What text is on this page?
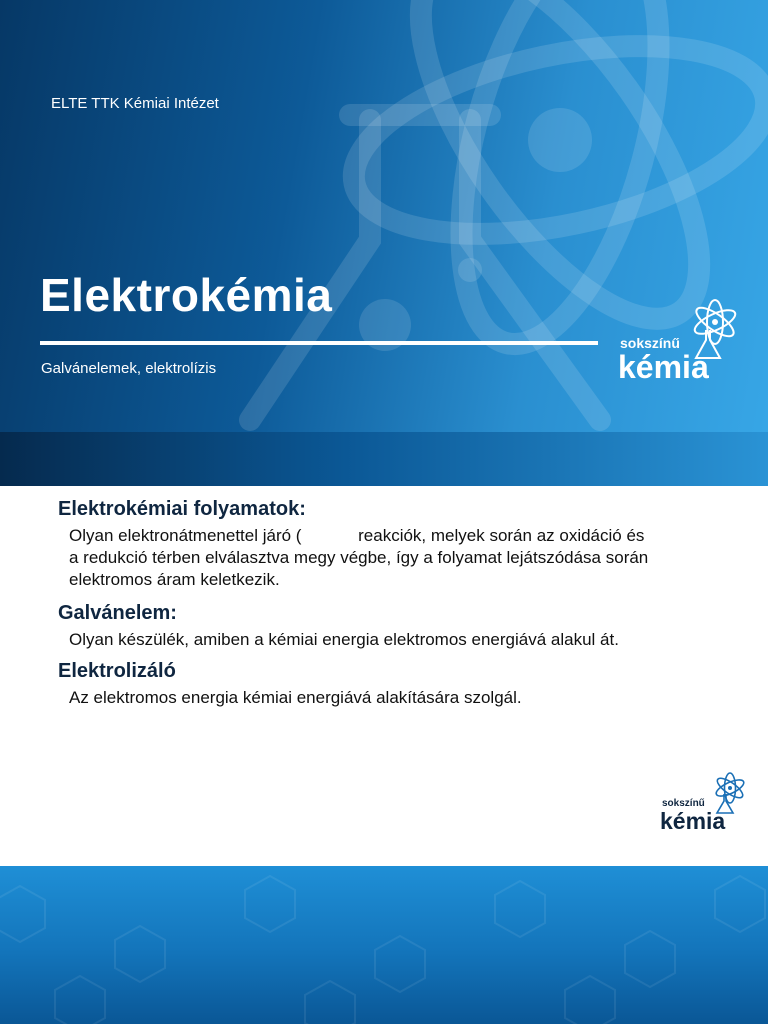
ELTE TTK Kémiai Intézet
Elektrokémia
Galvánelemek, elektrolízis
sokszínű
kémia
Elektrokémiai folyamatok:
Olyan elektronátmenettel járó (            reakciók, melyek során az oxidáció és
a redukció térben elválasztva megy végbe, így a folyamat lejátszódása során
elektromos áram keletkezik.
Galvánelem:
Olyan készülék, amiben a kémiai energia elektromos energiává alakul át.
Elektrolizáló
Az elektromos energia kémiai energiává alakítására szolgál.
sokszínű
kémia
